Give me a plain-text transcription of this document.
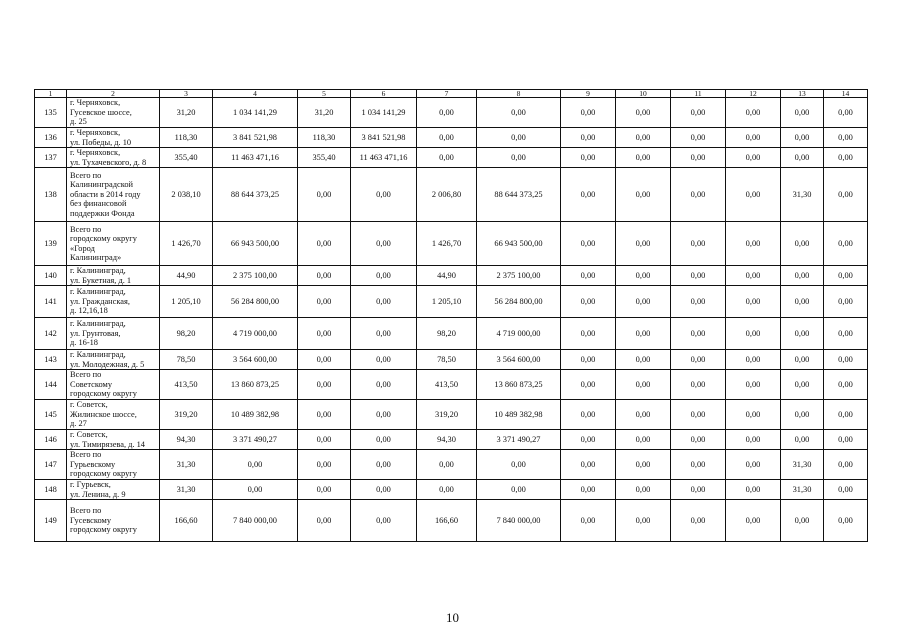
1	2	3	4	5	6	7	8	9	10	11	12	13	14
135	г. Черняховск,
Гусевское шоссе,
д. 25	31,20	1 034 141,29	31,20	1 034 141,29	0,00	0,00	0,00	0,00	0,00	0,00	0,00	0,00
136	г. Черняховск,
ул. Победы, д. 10	118,30	3 841 521,98	118,30	3 841 521,98	0,00	0,00	0,00	0,00	0,00	0,00	0,00	0,00
137	г. Черняховск,
ул. Тухачевского, д. 8	355,40	11 463 471,16	355,40	11 463 471,16	0,00	0,00	0,00	0,00	0,00	0,00	0,00	0,00
138	Всего по
Калининградской
области в 2014 году
без финансовой
поддержки Фонда	2 038,10	88 644 373,25	0,00	0,00	2 006,80	88 644 373,25	0,00	0,00	0,00	0,00	31,30	0,00
139	Всего по
городскому округу
«Город
Калининград»	1 426,70	66 943 500,00	0,00	0,00	1 426,70	66 943 500,00	0,00	0,00	0,00	0,00	0,00	0,00
140	г. Калининград,
ул. Букетная, д. 1	44,90	2 375 100,00	0,00	0,00	44,90	2 375 100,00	0,00	0,00	0,00	0,00	0,00	0,00
141	г. Калининград,
ул. Гражданская,
д. 12,16,18	1 205,10	56 284 800,00	0,00	0,00	1 205,10	56 284 800,00	0,00	0,00	0,00	0,00	0,00	0,00
142	г. Калининград,
ул. Грунтовая,
д. 16-18	98,20	4 719 000,00	0,00	0,00	98,20	4 719 000,00	0,00	0,00	0,00	0,00	0,00	0,00
143	г. Калининград,
ул. Молодежная, д. 5	78,50	3 564 600,00	0,00	0,00	78,50	3 564 600,00	0,00	0,00	0,00	0,00	0,00	0,00
144	Всего по
Советскому
городскому округу	413,50	13 860 873,25	0,00	0,00	413,50	13 860 873,25	0,00	0,00	0,00	0,00	0,00	0,00
145	г. Советск,
Жилинское шоссе,
д. 27	319,20	10 489 382,98	0,00	0,00	319,20	10 489 382,98	0,00	0,00	0,00	0,00	0,00	0,00
146	г. Советск,
ул. Тимирязева, д. 14	94,30	3 371 490,27	0,00	0,00	94,30	3 371 490,27	0,00	0,00	0,00	0,00	0,00	0,00
147	Всего по
Гурьевскому
городскому округу	31,30	0,00	0,00	0,00	0,00	0,00	0,00	0,00	0,00	0,00	31,30	0,00
148	г. Гурьевск,
ул. Ленина, д. 9	31,30	0,00	0,00	0,00	0,00	0,00	0,00	0,00	0,00	0,00	31,30	0,00
149	Всего по
Гусевскому
городскому округу	166,60	7 840 000,00	0,00	0,00	166,60	7 840 000,00	0,00	0,00	0,00	0,00	0,00	0,00
10
